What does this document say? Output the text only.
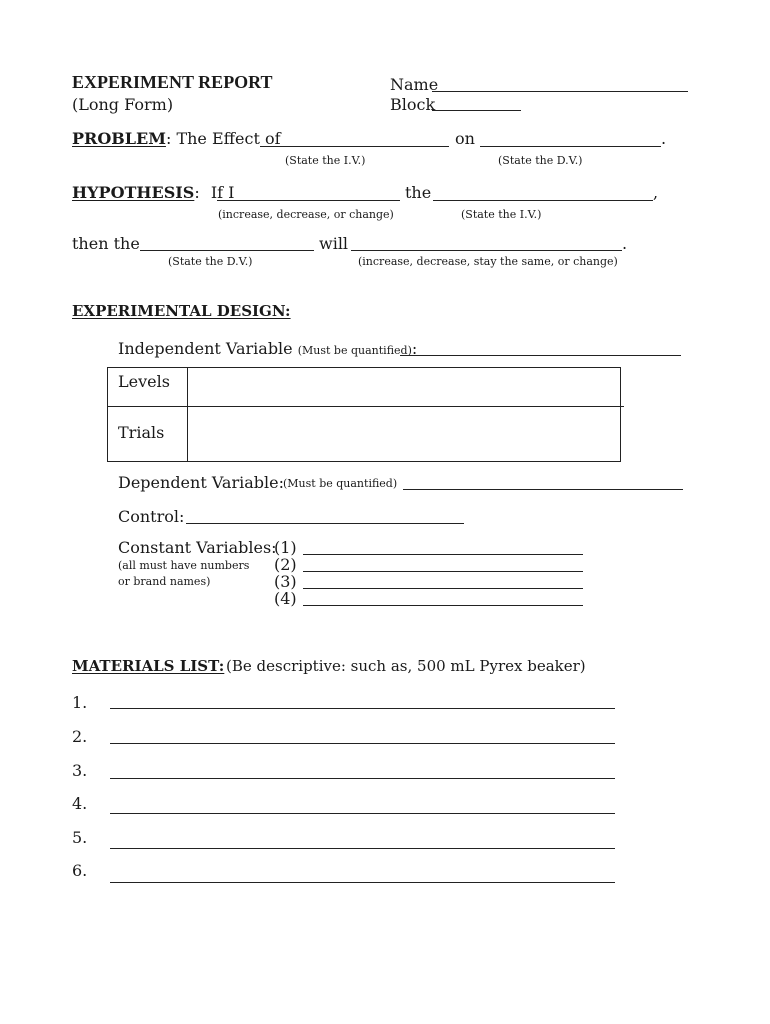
EXPERIMENT REPORT
(Long Form)
Name
Block
PROBLEM: The Effect of	on	.
(State the I.V.)	(State the D.V.)
HYPOTHESIS: If I	the	,
(increase, decrease, or change)	(State the I.V.)
then the	will	.
(State the D.V.)	(increase, decrease, stay the same, or change)
EXPERIMENTAL DESIGN:
Independent Variable (Must be quantified):
Levels
Trials
Dependent Variable: (Must be quantified)
Control:
Constant Variables:
(all must have numbers
or brand names)
(1)
(2)
(3)
(4)
MATERIALS LIST: (Be descriptive: such as, 500 mL Pyrex beaker)
1.
2.
3.
4.
5.
6.
